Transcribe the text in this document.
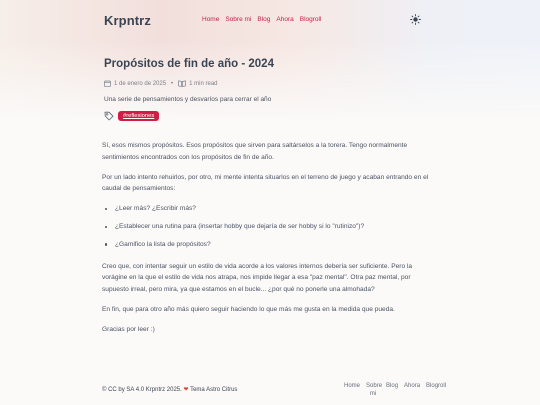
Krpntrz	Home Sobre mi Blog Ahora Blogroll
Propósitos de fin de año - 2024
1 de enero de 2025 •	1 min read

Una serie de pensamientos y desvaríos para cerrar el año

#reflexiones

Sí, esos mismos propósitos. Esos propósitos que sirven para saltárselos a la torera. Tengo normalmente sentimientos encontrados con los propósitos de fin de año.

Por un lado intento rehuirlos, por otro, mi mente intenta situarlos en el terreno de juego y acaban entrando en el caudal de pensamientos:

¿Leer más? ¿Escribir más?
¿Establecer una rutina para (insertar hobby que dejaría de ser hobby si lo "rutinizo")?
¿Gamifico la lista de propósitos?

Creo que, con intentar seguir un estilo de vida acorde a los valores internos debería ser suficiente. Pero la vorágine en la que el estilo de vida nos atrapa, nos impide llegar a esa "paz mental". Otra paz mental, por supuesto irreal, pero mira, ya que estamos en el bucle... ¿por qué no ponerle una almohada?

En fin, que para otro año más quiero seguir haciendo lo que más me gusta en la medida que pueda.

Gracias por leer :)

© CC by SA 4.0 Krpntrz 2025. ❤ Tema Astro Citrus
Home Sobre mi
Blog Ahora Blogroll
